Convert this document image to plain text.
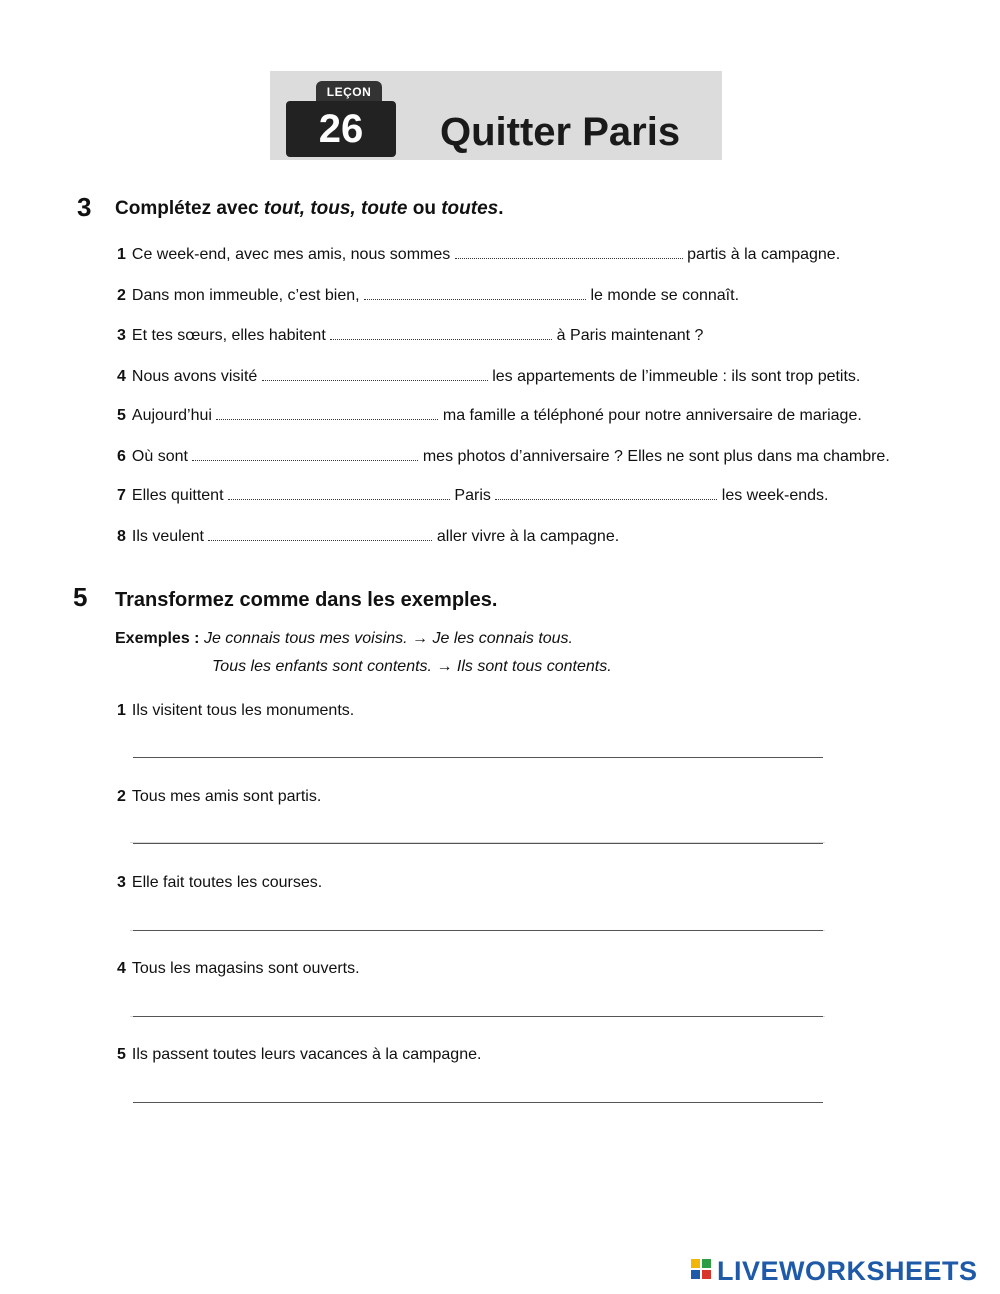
LEÇON
26	Quitter Paris
3 Complétez avec tout, tous, toute ou toutes.
1 Ce week-end, avec mes amis, nous sommes	partis à la campagne.
2 Dans mon immeuble, c’est bien,	le monde se connaît.
3 Et tes sœurs, elles habitent	à Paris maintenant ?
4 Nous avons visité	les appartements de l’immeuble : ils sont trop petits.
5 Aujourd’hui	ma famille a téléphoné pour notre anniversaire de mariage.
6 Où sont	mes photos d’anniversaire ? Elles ne sont plus dans ma chambre.
7 Elles quittent	Paris	les week-ends.
8 Ils veulent	aller vivre à la campagne.
5 Transformez comme dans les exemples.
Exemples : Je connais tous mes voisins. → Je les connais tous.
Tous les enfants sont contents. → Ils sont tous contents.
1 Ils visitent tous les monuments.
2 Tous mes amis sont partis.
3 Elle fait toutes les courses.
4 Tous les magasins sont ouverts.
5 Ils passent toutes leurs vacances à la campagne.
LIVEWORKSHEETS
